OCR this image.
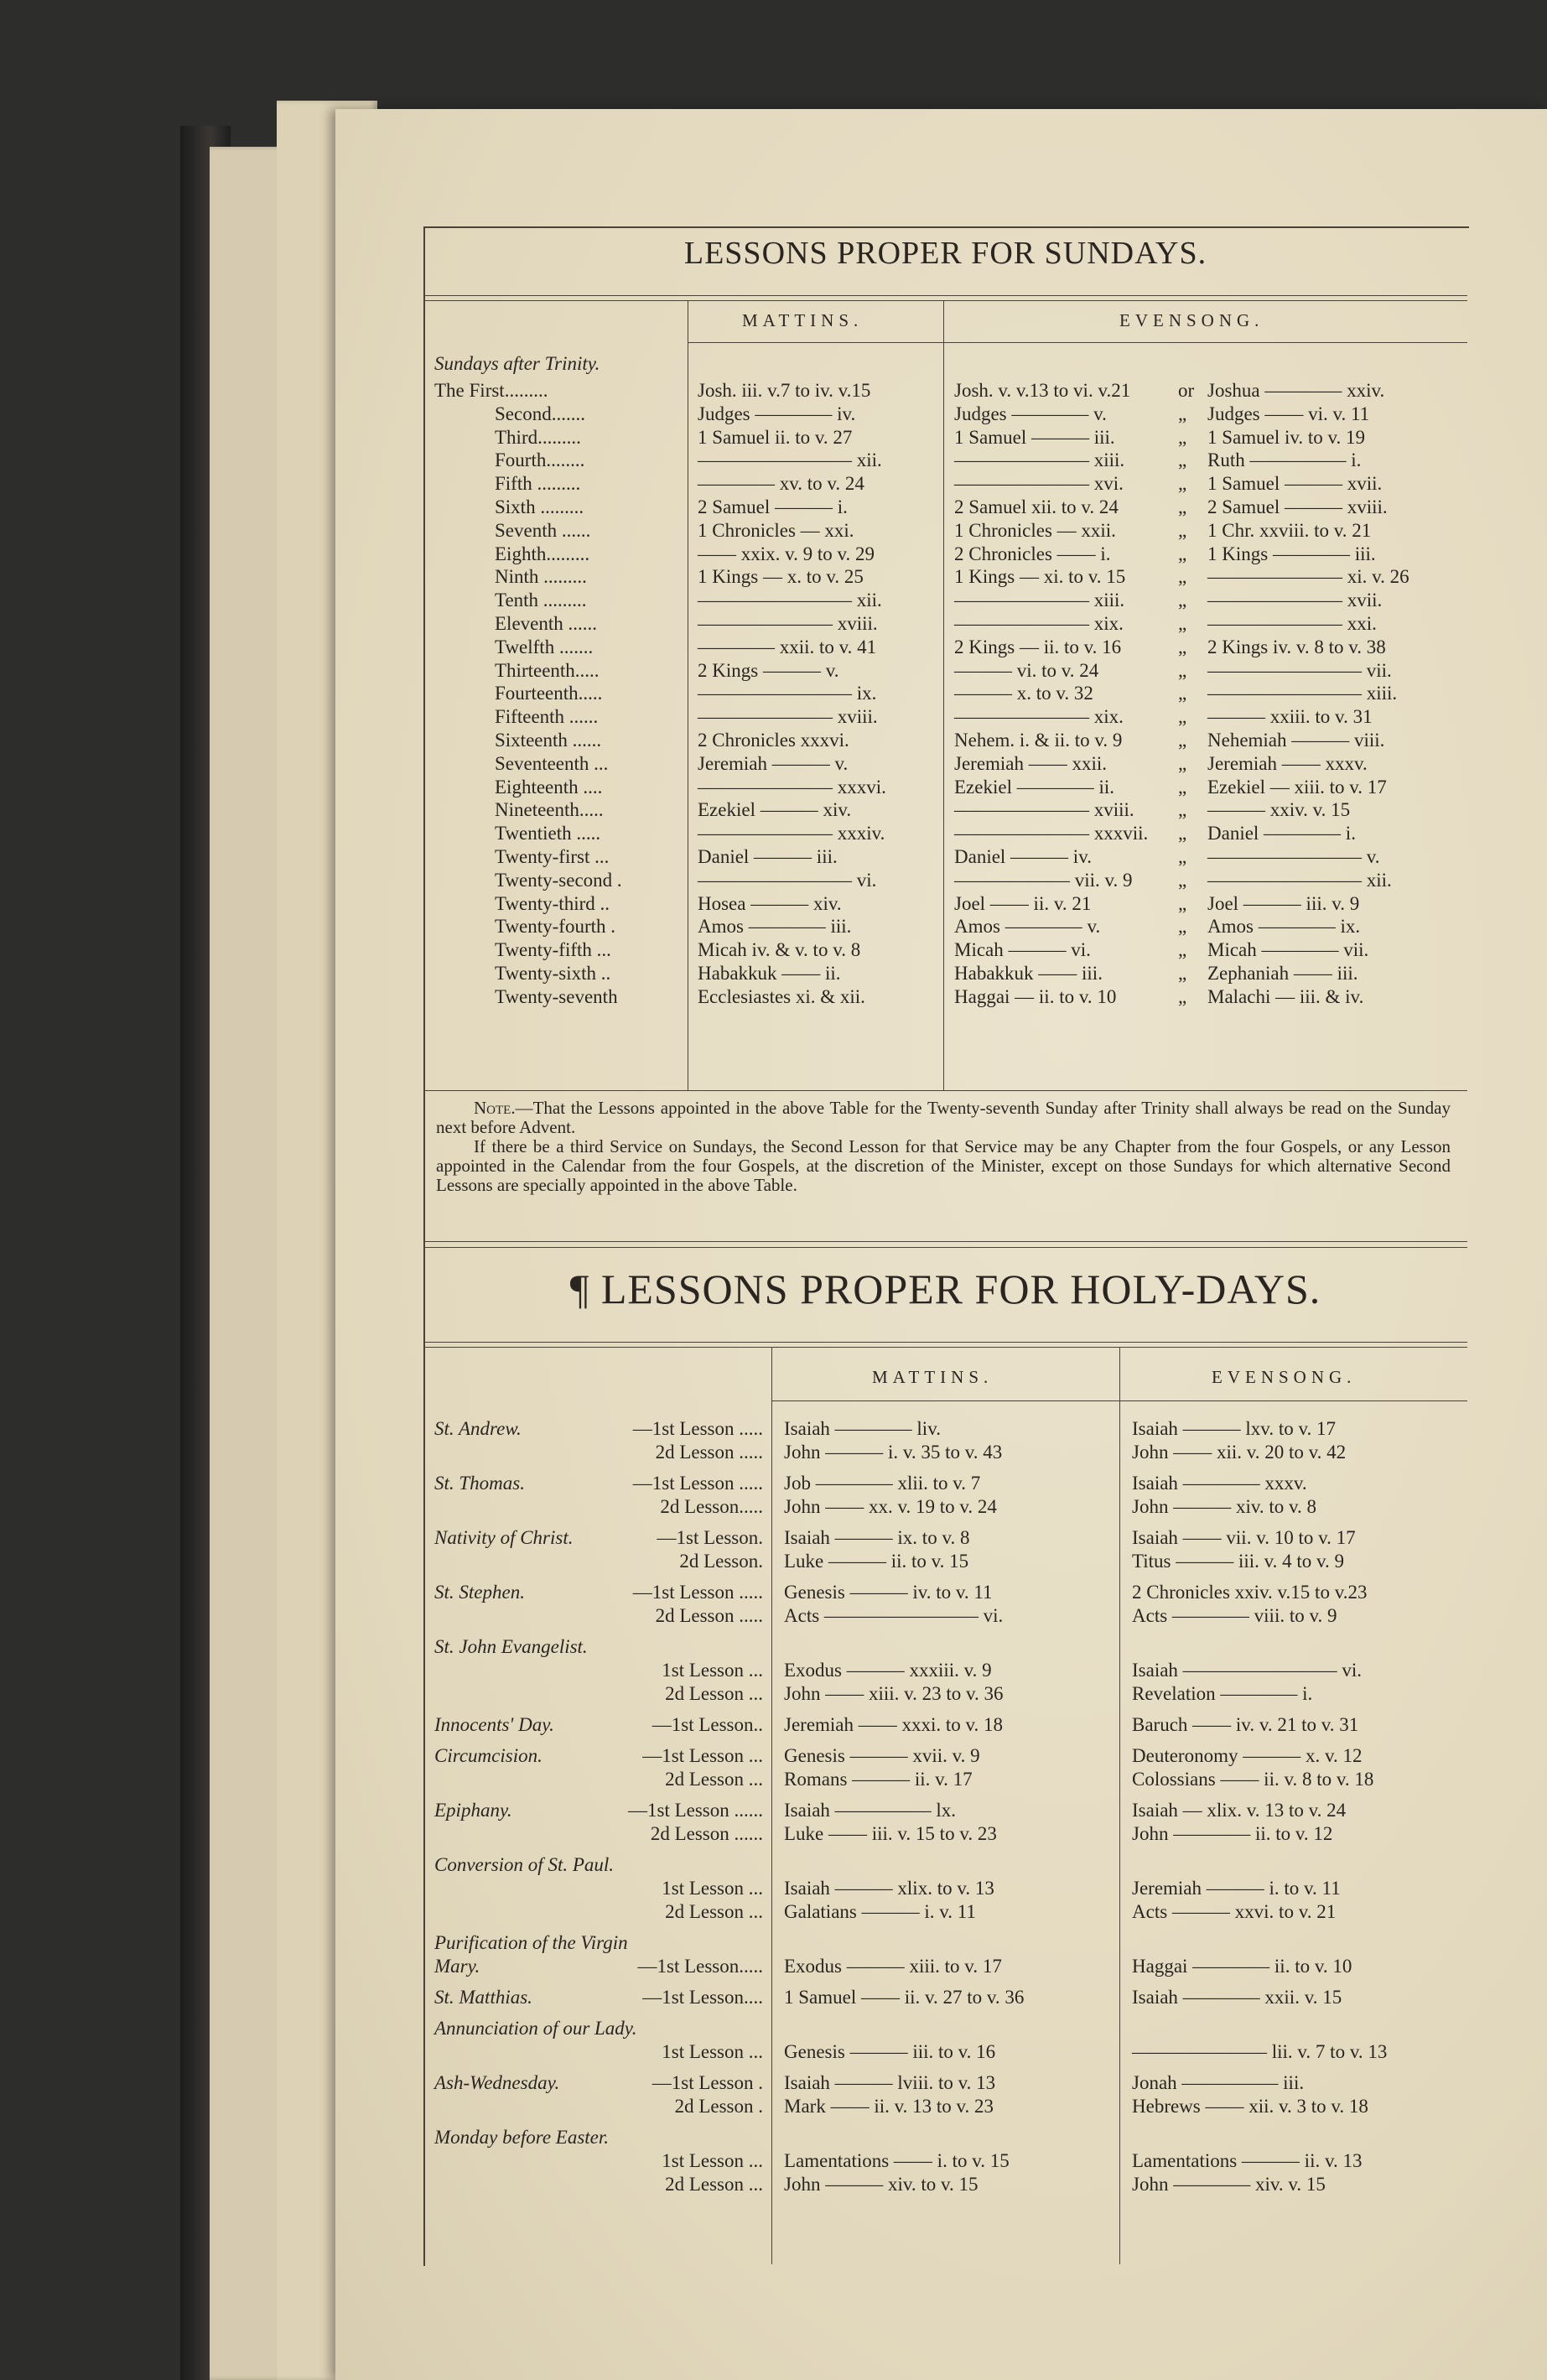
LESSONS PROPER FOR SUNDAYS.
MATTINS.	EVENSONG.
Sundays after Trinity.
The First.........	Josh. iii. v.7 to iv. v.15	Josh. v. v.13 to vi. v.21 or Joshua ———— xxiv.
Second.......	Judges ———— iv.	Judges ———— v.	„ Judges —— vi. v. 11
Third.........	1 Samuel ii. to v. 27	1 Samuel ——— iii.	„ 1 Samuel iv. to v. 19
Fourth........	———————— xii.	——————— xiii.	„ Ruth ————— i.
Fifth .........	———— xv. to v. 24	——————— xvi.	„ 1 Samuel ——— xvii.
Sixth .........	2 Samuel ——— i.	2 Samuel xii. to v. 24	„ 2 Samuel ——— xviii.
Seventh ......	1 Chronicles — xxi.	1 Chronicles — xxii.	„ 1 Chr. xxviii. to v. 21
Eighth.........	—— xxix. v. 9 to v. 29	2 Chronicles —— i.	„ 1 Kings ———— iii.
Ninth .........	1 Kings — x. to v. 25	1 Kings — xi. to v. 15	„ ——————— xi. v. 26
Tenth .........	———————— xii.	——————— xiii.	„ ——————— xvii.
Eleventh ......	——————— xviii.	——————— xix.	„ ——————— xxi.
Twelfth .......	———— xxii. to v. 41	2 Kings — ii. to v. 16	„ 2 Kings iv. v. 8 to v. 38
Thirteenth.....	2 Kings ——— v.	——— vi. to v. 24	„ ———————— vii.
Fourteenth.....	———————— ix.	——— x. to v. 32	„ ———————— xiii.
Fifteenth ......	——————— xviii.	——————— xix.	„ ——— xxiii. to v. 31
Sixteenth ......	2 Chronicles xxxvi.	Nehem. i. & ii. to v. 9	„ Nehemiah ——— viii.
Seventeenth ...	Jeremiah ——— v.	Jeremiah —— xxii.	„ Jeremiah —— xxxv.
Eighteenth ....	——————— xxxvi.	Ezekiel ———— ii.	„ Ezekiel — xiii. to v. 17
Nineteenth.....	Ezekiel ——— xiv.	——————— xviii. „ ——— xxiv. v. 15
Twentieth .....	——————— xxxiv.	——————— xxxvii. „ Daniel ———— i.
Twenty-first ...	Daniel ——— iii.	Daniel ——— iv.	„ ———————— v.
Twenty-second .	———————— vi.	—————— vii. v. 9 „ ———————— xii.
Twenty-third ..	Hosea ——— xiv.	Joel —— ii. v. 21	„ Joel ——— iii. v. 9
Twenty-fourth .	Amos ———— iii.	Amos ———— v.	„ Amos ———— ix.
Twenty-fifth ...	Micah iv. & v. to v. 8	Micah ——— vi.	„ Micah ———— vii.
Twenty-sixth ..	Habakkuk —— ii.	Habakkuk —— iii.	„ Zephaniah —— iii.
Twenty-seventh	Ecclesiastes xi. & xii.	Haggai — ii. to v. 10	„ Malachi — iii. & iv.

Note.—That the Lessons appointed in the above Table for the Twenty-seventh Sunday after Trinity shall always be read on the Sunday next before Advent.

If there be a third Service on Sundays, the Second Lesson for that Service may be any Chapter from the four Gospels, or any Lesson appointed in the Calendar from the four Gospels, at the discretion of the Minister, except on those Sundays for which alternative Second Lessons are specially appointed in the above Table.

¶ LESSONS PROPER FOR HOLY-DAYS.
MATTINS.	EVENSONG.
St. Andrew.	—1st Lesson ..... Isaiah ———— liv.	Isaiah ——— lxv. to v. 17
2d Lesson ..... John ——— i. v. 35 to v. 43	John —— xii. v. 20 to v. 42
St. Thomas.	—1st Lesson ..... Job ———— xlii. to v. 7	Isaiah ———— xxxv.
2d Lesson..... John —— xx. v. 19 to v. 24	John ——— xiv. to v. 8
Nativity of Christ.	—1st Lesson. Isaiah ——— ix. to v. 8	Isaiah —— vii. v. 10 to v. 17
2d Lesson. Luke ——— ii. to v. 15	Titus ——— iii. v. 4 to v. 9
St. Stephen.	—1st Lesson ..... Genesis ——— iv. to v. 11	2 Chronicles xxiv. v.15 to v.23
2d Lesson ..... Acts ———————— vi.	Acts ———— viii. to v. 9
St. John Evangelist.
1st Lesson ... Exodus ——— xxxiii. v. 9	Isaiah ———————— vi.
2d Lesson ... John —— xiii. v. 23 to v. 36	Revelation ———— i.
Innocents' Day.	—1st Lesson.. Jeremiah —— xxxi. to v. 18	Baruch —— iv. v. 21 to v. 31
Circumcision.	—1st Lesson ... Genesis ——— xvii. v. 9	Deuteronomy ——— x. v. 12
2d Lesson ... Romans ——— ii. v. 17	Colossians —— ii. v. 8 to v. 18
Epiphany.	—1st Lesson ...... Isaiah ————— lx.	Isaiah — xlix. v. 13 to v. 24
2d Lesson ...... Luke —— iii. v. 15 to v. 23	John ———— ii. to v. 12
Conversion of St. Paul.
1st Lesson ... Isaiah ——— xlix. to v. 13	Jeremiah ——— i. to v. 11
2d Lesson ... Galatians ——— i. v. 11	Acts ——— xxvi. to v. 21
Purification of the Virgin
Mary.	—1st Lesson..... Exodus ——— xiii. to v. 17	Haggai ———— ii. to v. 10
St. Matthias.	—1st Lesson.... 1 Samuel —— ii. v. 27 to v. 36	Isaiah ———— xxii. v. 15
Annunciation of our Lady.
1st Lesson ... Genesis ——— iii. to v. 16	——————— lii. v. 7 to v. 13
Ash-Wednesday.	—1st Lesson . Isaiah ——— lviii. to v. 13	Jonah ————— iii.
2d Lesson . Mark —— ii. v. 13 to v. 23	Hebrews —— xii. v. 3 to v. 18
Monday before Easter.
1st Lesson ... Lamentations —— i. to v. 15	Lamentations ——— ii. v. 13
2d Lesson ... John ——— xiv. to v. 15	John ———— xiv. v. 15
